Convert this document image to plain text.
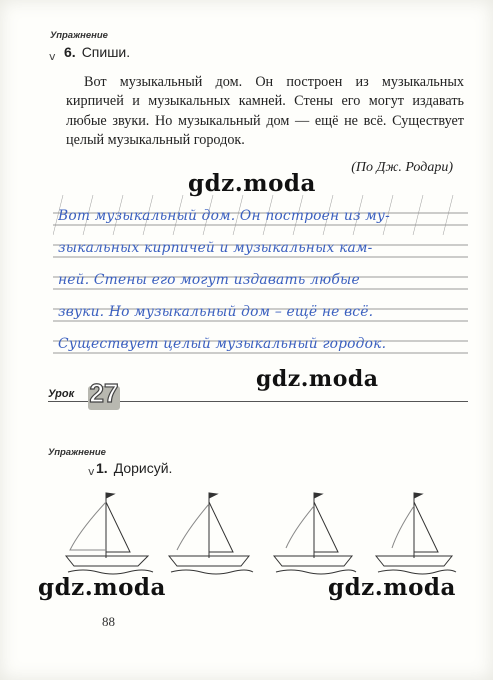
Упражнение
v 6. Спиши.
Вот музыкальный дом. Он построен из музыкальных кирпичей и музыкальных камней. Стены его могут издавать любые звуки. Но музыкальный дом — ещё не всё. Существует целый музыкальный городок.
(По Дж. Родари)
gdz.moda
Вот музыкальный дом. Он построен из му-
зыкальных кирпичей и музыкальных кам-
ней. Стены его могут издавать любые
звуки. Но музыкальный дом – ещё не всё.
Существует целый музыкальный городок.
gdz.moda
Урок 27
Упражнение
v 1. Дорисуй.
gdz.moda	gdz.moda
88
